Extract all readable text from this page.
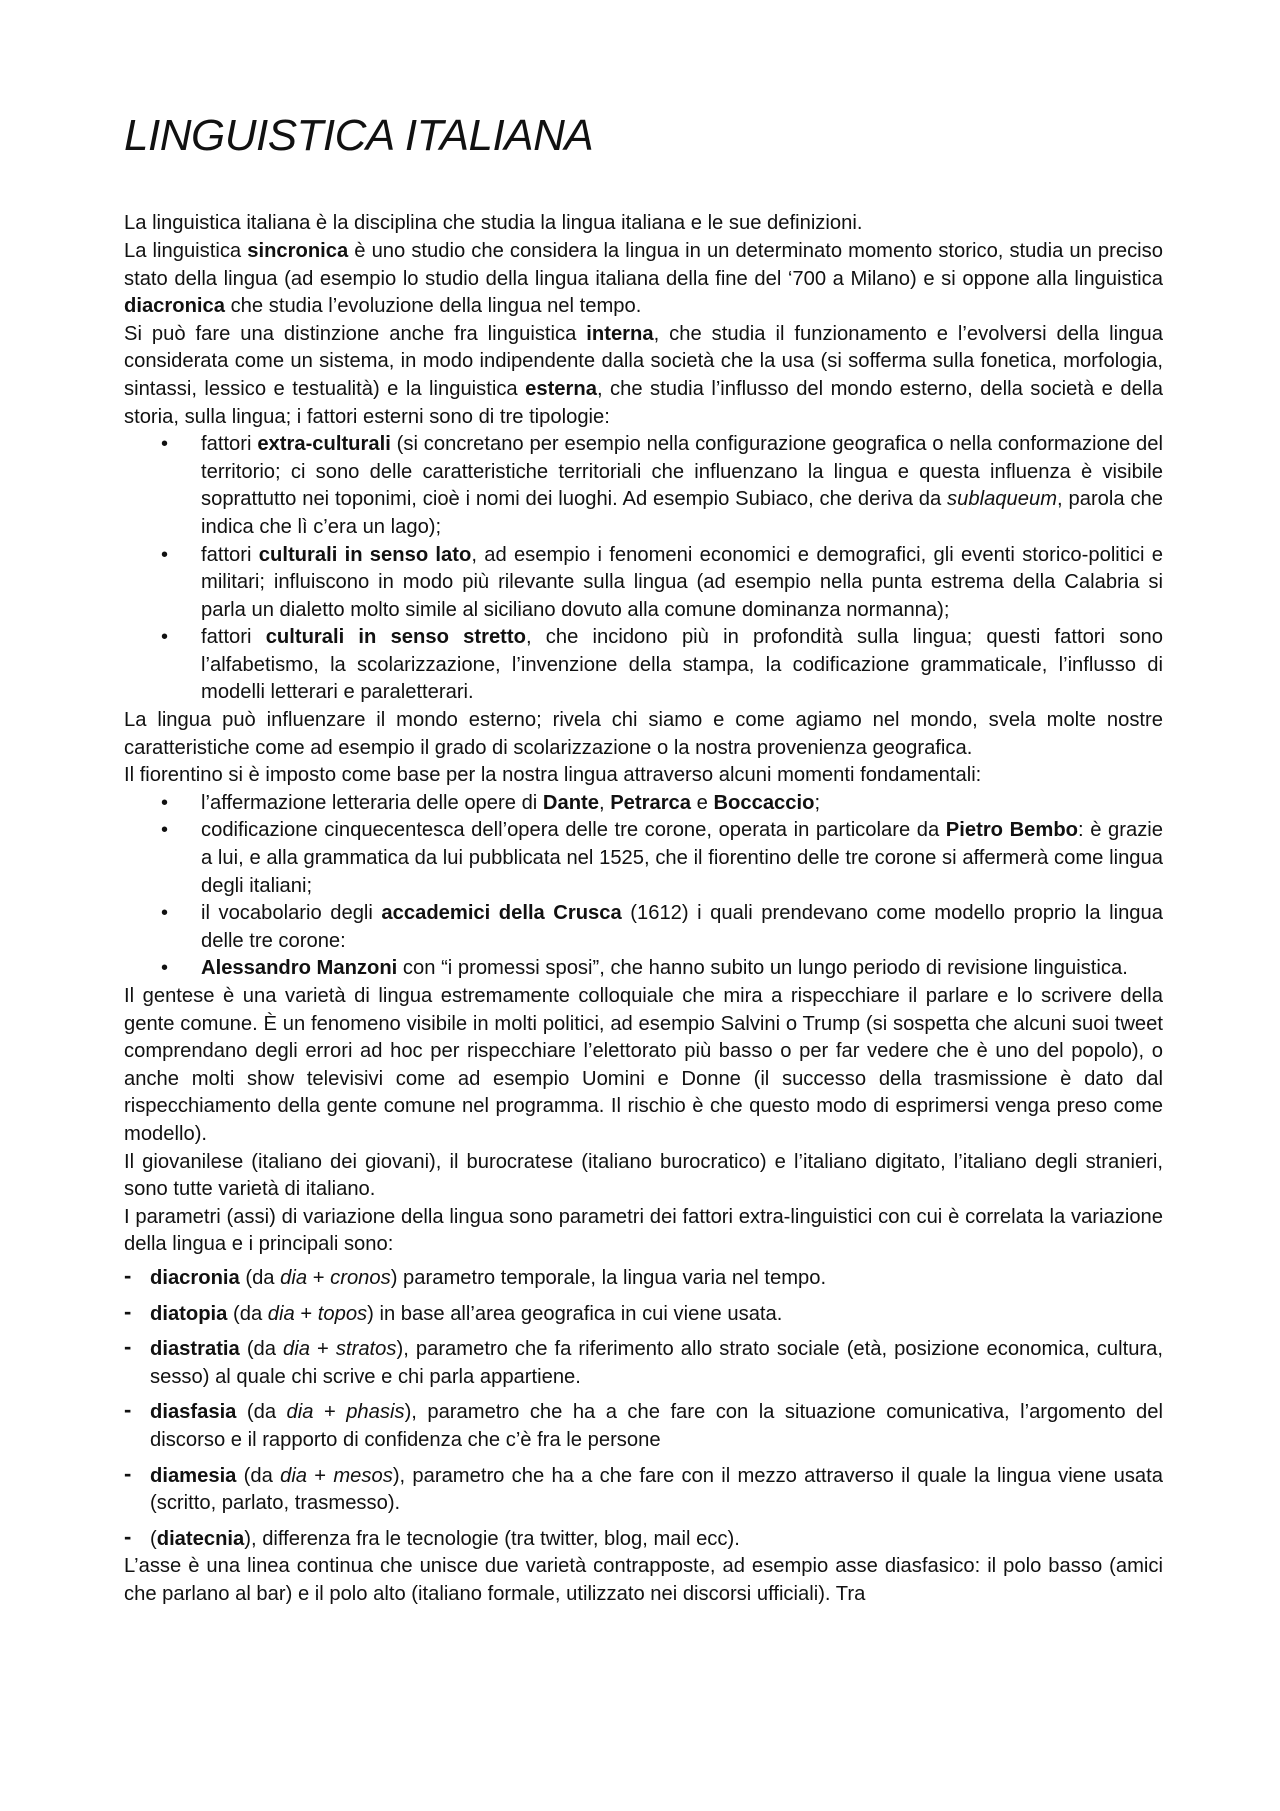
LINGUISTICA ITALIANA

La linguistica italiana è la disciplina che studia la lingua italiana e le sue definizioni.

La linguistica sincronica è uno studio che considera la lingua in un determinato momento storico, studia un preciso stato della lingua (ad esempio lo studio della lingua italiana della fine del ‘700 a Milano) e si oppone alla linguistica diacronica che studia l’evoluzione della lingua nel tempo.

Si può fare una distinzione anche fra linguistica interna, che studia il funzionamento e l’evolversi della lingua considerata come un sistema, in modo indipendente dalla società che la usa (si sofferma sulla fonetica, morfologia, sintassi, lessico e testualità) e la linguistica esterna, che studia l’influsso del mondo esterno, della società e della storia, sulla lingua; i fattori esterni sono di tre tipologie:

• fattori extra-culturali (si concretano per esempio nella configurazione geografica o nella conformazione del territorio; ci sono delle caratteristiche territoriali che influenzano la lingua e questa influenza è visibile soprattutto nei toponimi, cioè i nomi dei luoghi. Ad esempio Subiaco, che deriva da sublaqueum, parola che indica che lì c’era un lago);
• fattori culturali in senso lato, ad esempio i fenomeni economici e demografici, gli eventi storico-politici e militari; influiscono in modo più rilevante sulla lingua (ad esempio nella punta estrema della Calabria si parla un dialetto molto simile al siciliano dovuto alla comune dominanza normanna);
• fattori culturali in senso stretto, che incidono più in profondità sulla lingua; questi fattori sono l’alfabetismo, la scolarizzazione, l’invenzione della stampa, la codificazione grammaticale, l’influsso di modelli letterari e paraletterari.

La lingua può influenzare il mondo esterno; rivela chi siamo e come agiamo nel mondo, svela molte nostre caratteristiche come ad esempio il grado di scolarizzazione o la nostra provenienza geografica.

Il fiorentino si è imposto come base per la nostra lingua attraverso alcuni momenti fondamentali:

• l’affermazione letteraria delle opere di Dante, Petrarca e Boccaccio;
• codificazione cinquecentesca dell’opera delle tre corone, operata in particolare da Pietro Bembo: è grazie a lui, e alla grammatica da lui pubblicata nel 1525, che il fiorentino delle tre corone si affermerà come lingua degli italiani;
• il vocabolario degli accademici della Crusca (1612) i quali prendevano come modello proprio la lingua delle tre corone:
• Alessandro Manzoni con “i promessi sposi”, che hanno subito un lungo periodo di revisione linguistica.

Il gentese è una varietà di lingua estremamente colloquiale che mira a rispecchiare il parlare e lo scrivere della gente comune. È un fenomeno visibile in molti politici, ad esempio Salvini o Trump (si sospetta che alcuni suoi tweet comprendano degli errori ad hoc per rispecchiare l’elettorato più basso o per far vedere che è uno del popolo), o anche molti show televisivi come ad esempio Uomini e Donne (il successo della trasmissione è dato dal rispecchiamento della gente comune nel programma. Il rischio è che questo modo di esprimersi venga preso come modello).

Il giovanilese (italiano dei giovani), il burocratese (italiano burocratico) e l’italiano digitato, l’italiano degli stranieri, sono tutte varietà di italiano.

I parametri (assi) di variazione della lingua sono parametri dei fattori extra-linguistici con cui è correlata la variazione della lingua e i principali sono:

- diacronia (da dia + cronos) parametro temporale, la lingua varia nel tempo.
- diatopia (da dia + topos) in base all’area geografica in cui viene usata.
- diastratia (da dia + stratos), parametro che fa riferimento allo strato sociale (età, posizione economica, cultura, sesso) al quale chi scrive e chi parla appartiene.
- diasfasia (da dia + phasis), parametro che ha a che fare con la situazione comunicativa, l’argomento del discorso e il rapporto di confidenza che c’è fra le persone
- diamesia (da dia + mesos), parametro che ha a che fare con il mezzo attraverso il quale la lingua viene usata (scritto, parlato, trasmesso).
- (diatecnia), differenza fra le tecnologie (tra twitter, blog, mail ecc).

L’asse è una linea continua che unisce due varietà contrapposte, ad esempio asse diasfasico: il polo basso (amici che parlano al bar) e il polo alto (italiano formale, utilizzato nei discorsi ufficiali). Tra
